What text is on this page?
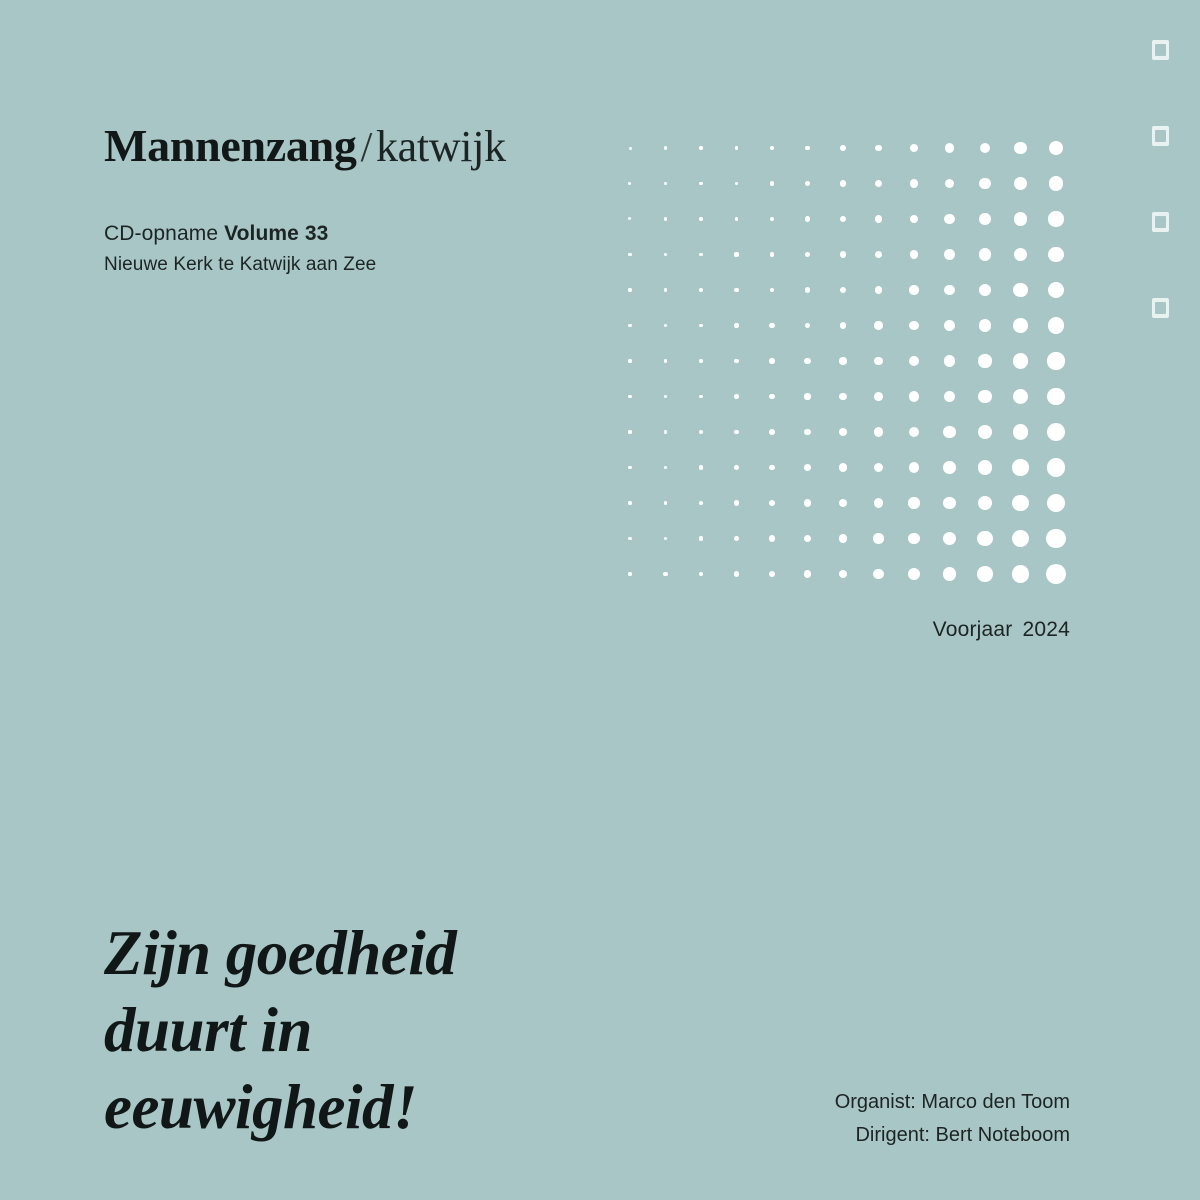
Mannenzang/katwijk
CD-opname Volume 33
Nieuwe Kerk te Katwijk aan Zee
Voorjaar 2024
Zijn goedheid
duurt in
eeuwigheid!	Organist: Marco den Toom
Dirigent: Bert Noteboom
